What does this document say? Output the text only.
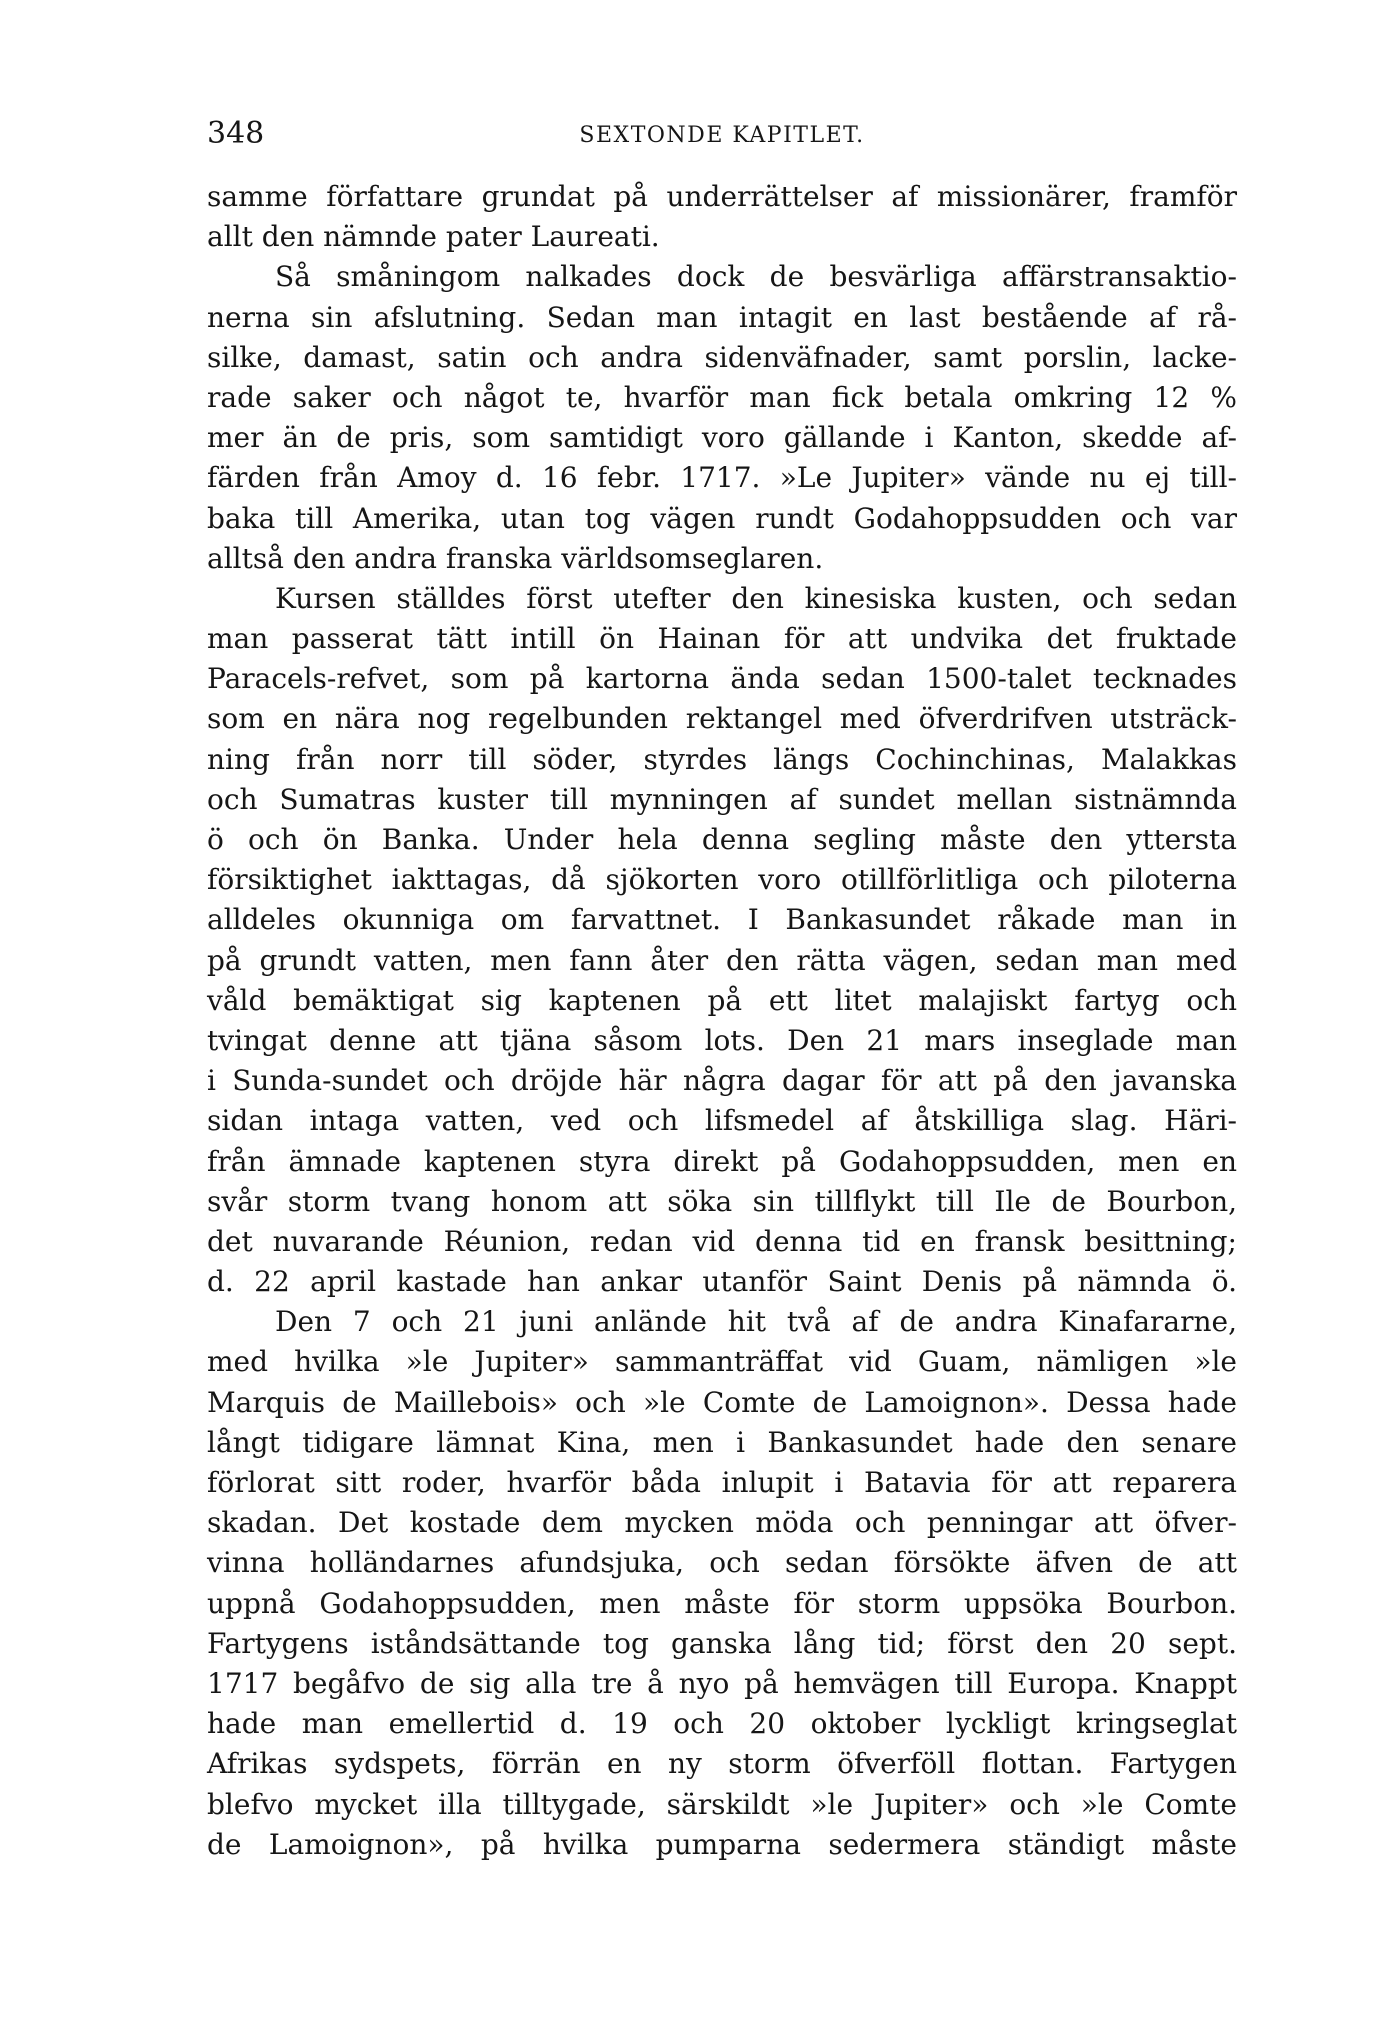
348	SEXTONDE KAPITLET.
samme författare grundat på underrättelser af missionärer, framför
allt den nämnde pater Laureati.
Så småningom nalkades dock de besvärliga affärstransaktio-
nerna sin afslutning. Sedan man intagit en last bestående af rå-
silke, damast, satin och andra sidenväfnader, samt porslin, lacke-
rade saker och något te, hvarför man fick betala omkring 12 %
mer än de pris, som samtidigt voro gällande i Kanton, skedde af-
färden från Amoy d. 16 febr. 1717. »Le Jupiter» vände nu ej till-
baka till Amerika, utan tog vägen rundt Godahoppsudden och var
alltså den andra franska världsomseglaren.
Kursen ställdes först utefter den kinesiska kusten, och sedan
man passerat tätt intill ön Hainan för att undvika det fruktade
Paracels-refvet, som på kartorna ända sedan 1500-talet tecknades
som en nära nog regelbunden rektangel med öfverdrifven utsträck-
ning från norr till söder, styrdes längs Cochinchinas, Malakkas
och Sumatras kuster till mynningen af sundet mellan sistnämnda
ö och ön Banka. Under hela denna segling måste den yttersta
försiktighet iakttagas, då sjökorten voro otillförlitliga och piloterna
alldeles okunniga om farvattnet. I Bankasundet råkade man in
på grundt vatten, men fann åter den rätta vägen, sedan man med
våld bemäktigat sig kaptenen på ett litet malajiskt fartyg och
tvingat denne att tjäna såsom lots. Den 21 mars inseglade man
i Sunda-sundet och dröjde här några dagar för att på den javanska
sidan intaga vatten, ved och lifsmedel af åtskilliga slag. Häri-
från ämnade kaptenen styra direkt på Godahoppsudden, men en
svår storm tvang honom att söka sin tillflykt till Ile de Bourbon,
det nuvarande Réunion, redan vid denna tid en fransk besittning;
d. 22 april kastade han ankar utanför Saint Denis på nämnda ö.
Den 7 och 21 juni anlände hit två af de andra Kinafararne,
med hvilka »le Jupiter» sammanträffat vid Guam, nämligen »le
Marquis de Maillebois» och »le Comte de Lamoignon». Dessa hade
långt tidigare lämnat Kina, men i Bankasundet hade den senare
förlorat sitt roder, hvarför båda inlupit i Batavia för att reparera
skadan. Det kostade dem mycken möda och penningar att öfver-
vinna holländarnes afundsjuka, och sedan försökte äfven de att
uppnå Godahoppsudden, men måste för storm uppsöka Bourbon.
Fartygens iståndsättande tog ganska lång tid; först den 20 sept.
1717 begåfvo de sig alla tre å nyo på hemvägen till Europa. Knappt
hade man emellertid d. 19 och 20 oktober lyckligt kringseglat
Afrikas sydspets, förrän en ny storm öfverföll flottan. Fartygen
blefvo mycket illa tilltygade, särskildt »le Jupiter» och »le Comte
de Lamoignon», på hvilka pumparna sedermera ständigt måste
